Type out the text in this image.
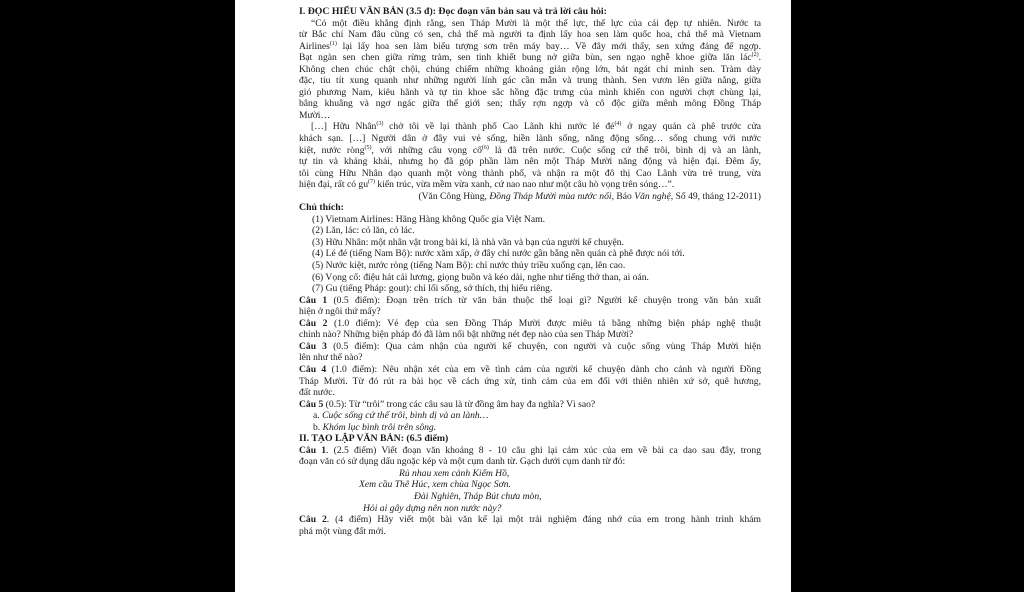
I. ĐỌC HIỂU VĂN BẢN (3.5 đ): Đọc đoạn văn bản sau và trả lời câu hỏi:
“Có một điều khẳng định rằng, sen Tháp Mười là một thế lực, thế lực của cái đẹp tự nhiên. Nước ta
từ Bắc chí Nam đâu cũng có sen, chả thế mà người ta định lấy hoa sen làm quốc hoa, chả thế mà Vietnam
Airlines$^{(1)}$ lại lấy hoa sen làm biểu tượng sơn trên máy bay… Về đây mới thấy, sen xứng đáng để ngợp.
Bạt ngàn sen chen giữa rừng tràm, sen tinh khiết bung nở giữa bùn, sen ngạo nghễ khoe giữa lăn lác$^{(2)}$.
Không chen chúc chật chội, chúng chiếm những khoảng giản rộng lớn, bát ngát chỉ mình sen. Tràm dày
đặc, tíu tít xung quanh như những người lính gác cần mẫn và trung thành. Sen vươn lên giữa nắng, giữa
gió phương Nam, kiêu hãnh và tự tin khoe sắc hồng đặc trưng của mình khiến con người chợt chùng lại,
bâng khuâng và ngơ ngác giữa thế giới sen; thấy rợn ngợp và cô độc giữa mênh mông Đồng Tháp
Mười…
[…] Hữu Nhân$^{(3)}$ chở tôi về lại thành phố Cao Lãnh khi nước lé $đé^{(4)}$ ở ngay quán cà phê trước cửa
khách sạn. […] Người dân ở đây vui vẻ sống, hiền lành sống, năng động sống… sống chung với nước
kiệt, nước ròng$^{(5)}$, với những câu vọng cổ$^{(6)}$ là đã trên nước. Cuộc sống cứ thể trôi, bình dị và an lành,
tự tin và khảng khái, nhưng họ đã góp phần làm nên một Tháp Mười năng động và hiện đại. Đêm ấy,
tôi cùng Hữu Nhân dạo quanh một vòng thành phố, và nhận ra một đô thị Cao Lãnh vừa trẻ trung, vừa
hiện đại, rất có $gu^{(7)}$ kiến trúc, vừa mềm vừa xanh, cứ nao nao như một câu hò vọng trên sóng…”.
(Văn Công Hùng, Đồng Tháp Mười mùa nước nổi, Báo Văn nghệ, Số 49, tháng 12-2011)
Chú thích:
(1) Vietnam Airlines: Hãng Hàng không Quốc gia Việt Nam.
(2) Lăn, lác: cỏ lăn, cỏ lác.
(3) Hữu Nhân: một nhân vật trong bài kí, là nhà văn và bạn của người kể chuyện.
(4) Lé đé (tiếng Nam Bộ): nước xăm xấp, ở đây chỉ nước gần bằng nền quán cà phê được nói tới.
(5) Nước kiệt, nước ròng (tiếng Nam Bộ): chỉ nước thủy triều xuống cạn, lên cao.
(6) Vọng cổ: điệu hát cải lương, giọng buồn và kéo dài, nghe như tiếng thở than, ai oán.
(7) Gu (tiếng Pháp: gout): chỉ lối sống, sở thích, thị hiếu riêng.
Câu 1 (0.5 điểm): Đoạn trên trích từ văn bản thuộc thể loại gì? Người kể chuyện trong văn bản xuất
hiện ở ngôi thứ mấy?
Câu 2 (1.0 điểm): Vẻ đẹp của sen Đồng Tháp Mười được miêu tả bằng những biện pháp nghệ thuật
chính nào? Những biện pháp đó đã làm nổi bật những nét đẹp nào của sen Tháp Mười?
Câu 3 (0.5 điểm): Qua cảm nhận của người kể chuyện, con người và cuộc sống vùng Tháp Mười hiện
lên như thế nào?
Câu 4 (1.0 điểm): Nêu nhận xét của em về tình cảm của người kể chuyện dành cho cảnh và người Đồng
Tháp Mười. Từ đó rút ra bài học về cách ứng xử, tình cảm của em đối với thiên nhiên xứ sở, quê hương,
đất nước.
Câu 5 (0.5): Từ “trôi” trong các câu sau là từ đồng âm hay đa nghĩa? Vì sao?
a. Cuộc sống cứ thể trôi, bình dị và an lành…
b. Khóm lục bình trôi trên sông.
II. TẠO LẬP VĂN BẢN: (6.5 điểm)
Câu 1. (2.5 điểm) Viết đoạn văn khoảng 8 - 10 câu ghi lại cảm xúc của em về bài ca dao sau đây, trong
đoạn văn có sử dụng dấu ngoặc kép và một cụm danh từ. Gạch dưới cụm danh từ đó:
Rủ nhau xem cảnh Kiếm Hồ,
Xem cầu Thê Húc, xem chùa Ngọc Sơn.
Đài Nghiên, Tháp Bút chưa mòn,
Hỏi ai gây dựng nên non nước này?
Câu 2. (4 điểm) Hãy viết một bài văn kể lại một trải nghiệm đáng nhớ của em trong hành trình khám
phá một vùng đất mới.
